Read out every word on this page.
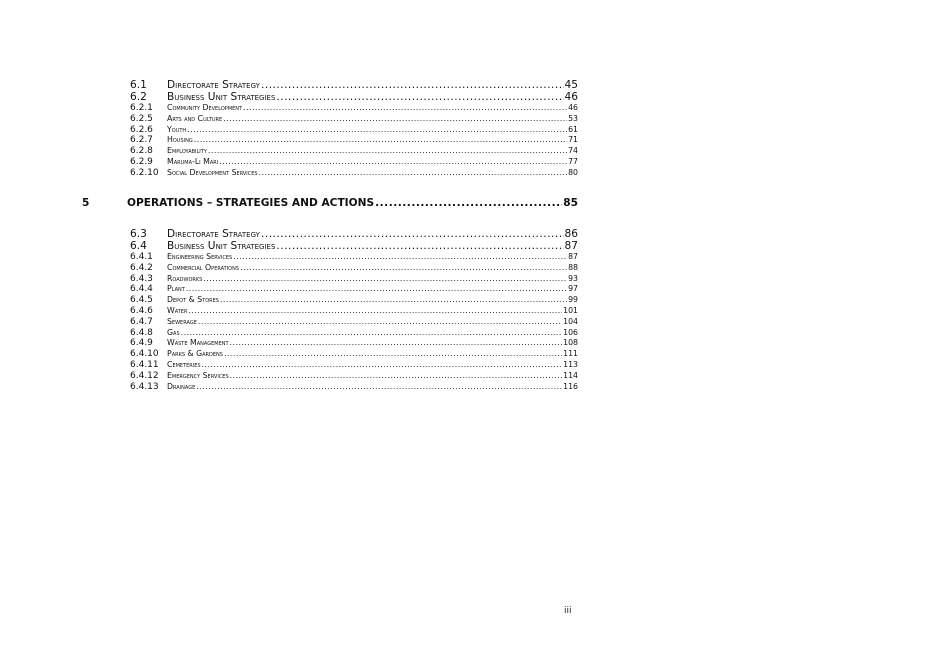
6.1	Directorate Strategy .....	45
6.2	Business Unit Strategies .....	46
6.2.1	Community Development .....	46
6.2.5	Arts and Culture .....	53
6.2.6	Youth .....	61
6.2.7	Housing .....	71
6.2.8	Employability .....	74
6.2.9	Maruma-Li Mari .....	77
6.2.10	Social Development Services .....	80
5	OPERATIONS – STRATEGIES AND ACTIONS .....	85
6.3	Directorate Strategy .....	86
6.4	Business Unit Strategies .....	87
6.4.1	Engineering Services .....	87
6.4.2	Commercial Operations .....	88
6.4.3	Roadworks .....	93
6.4.4	Plant .....	97
6.4.5	Depot & Stores .....	99
6.4.6	Water .....	101
6.4.7	Sewerage .....	104
6.4.8	Gas .....	106
6.4.9	Waste Management .....	108
6.4.10	Parks & Gardens .....	111
6.4.11	Cemeteries .....	113
6.4.12	Emergency Services .....	114
6.4.13	Drainage .....	116
iii
